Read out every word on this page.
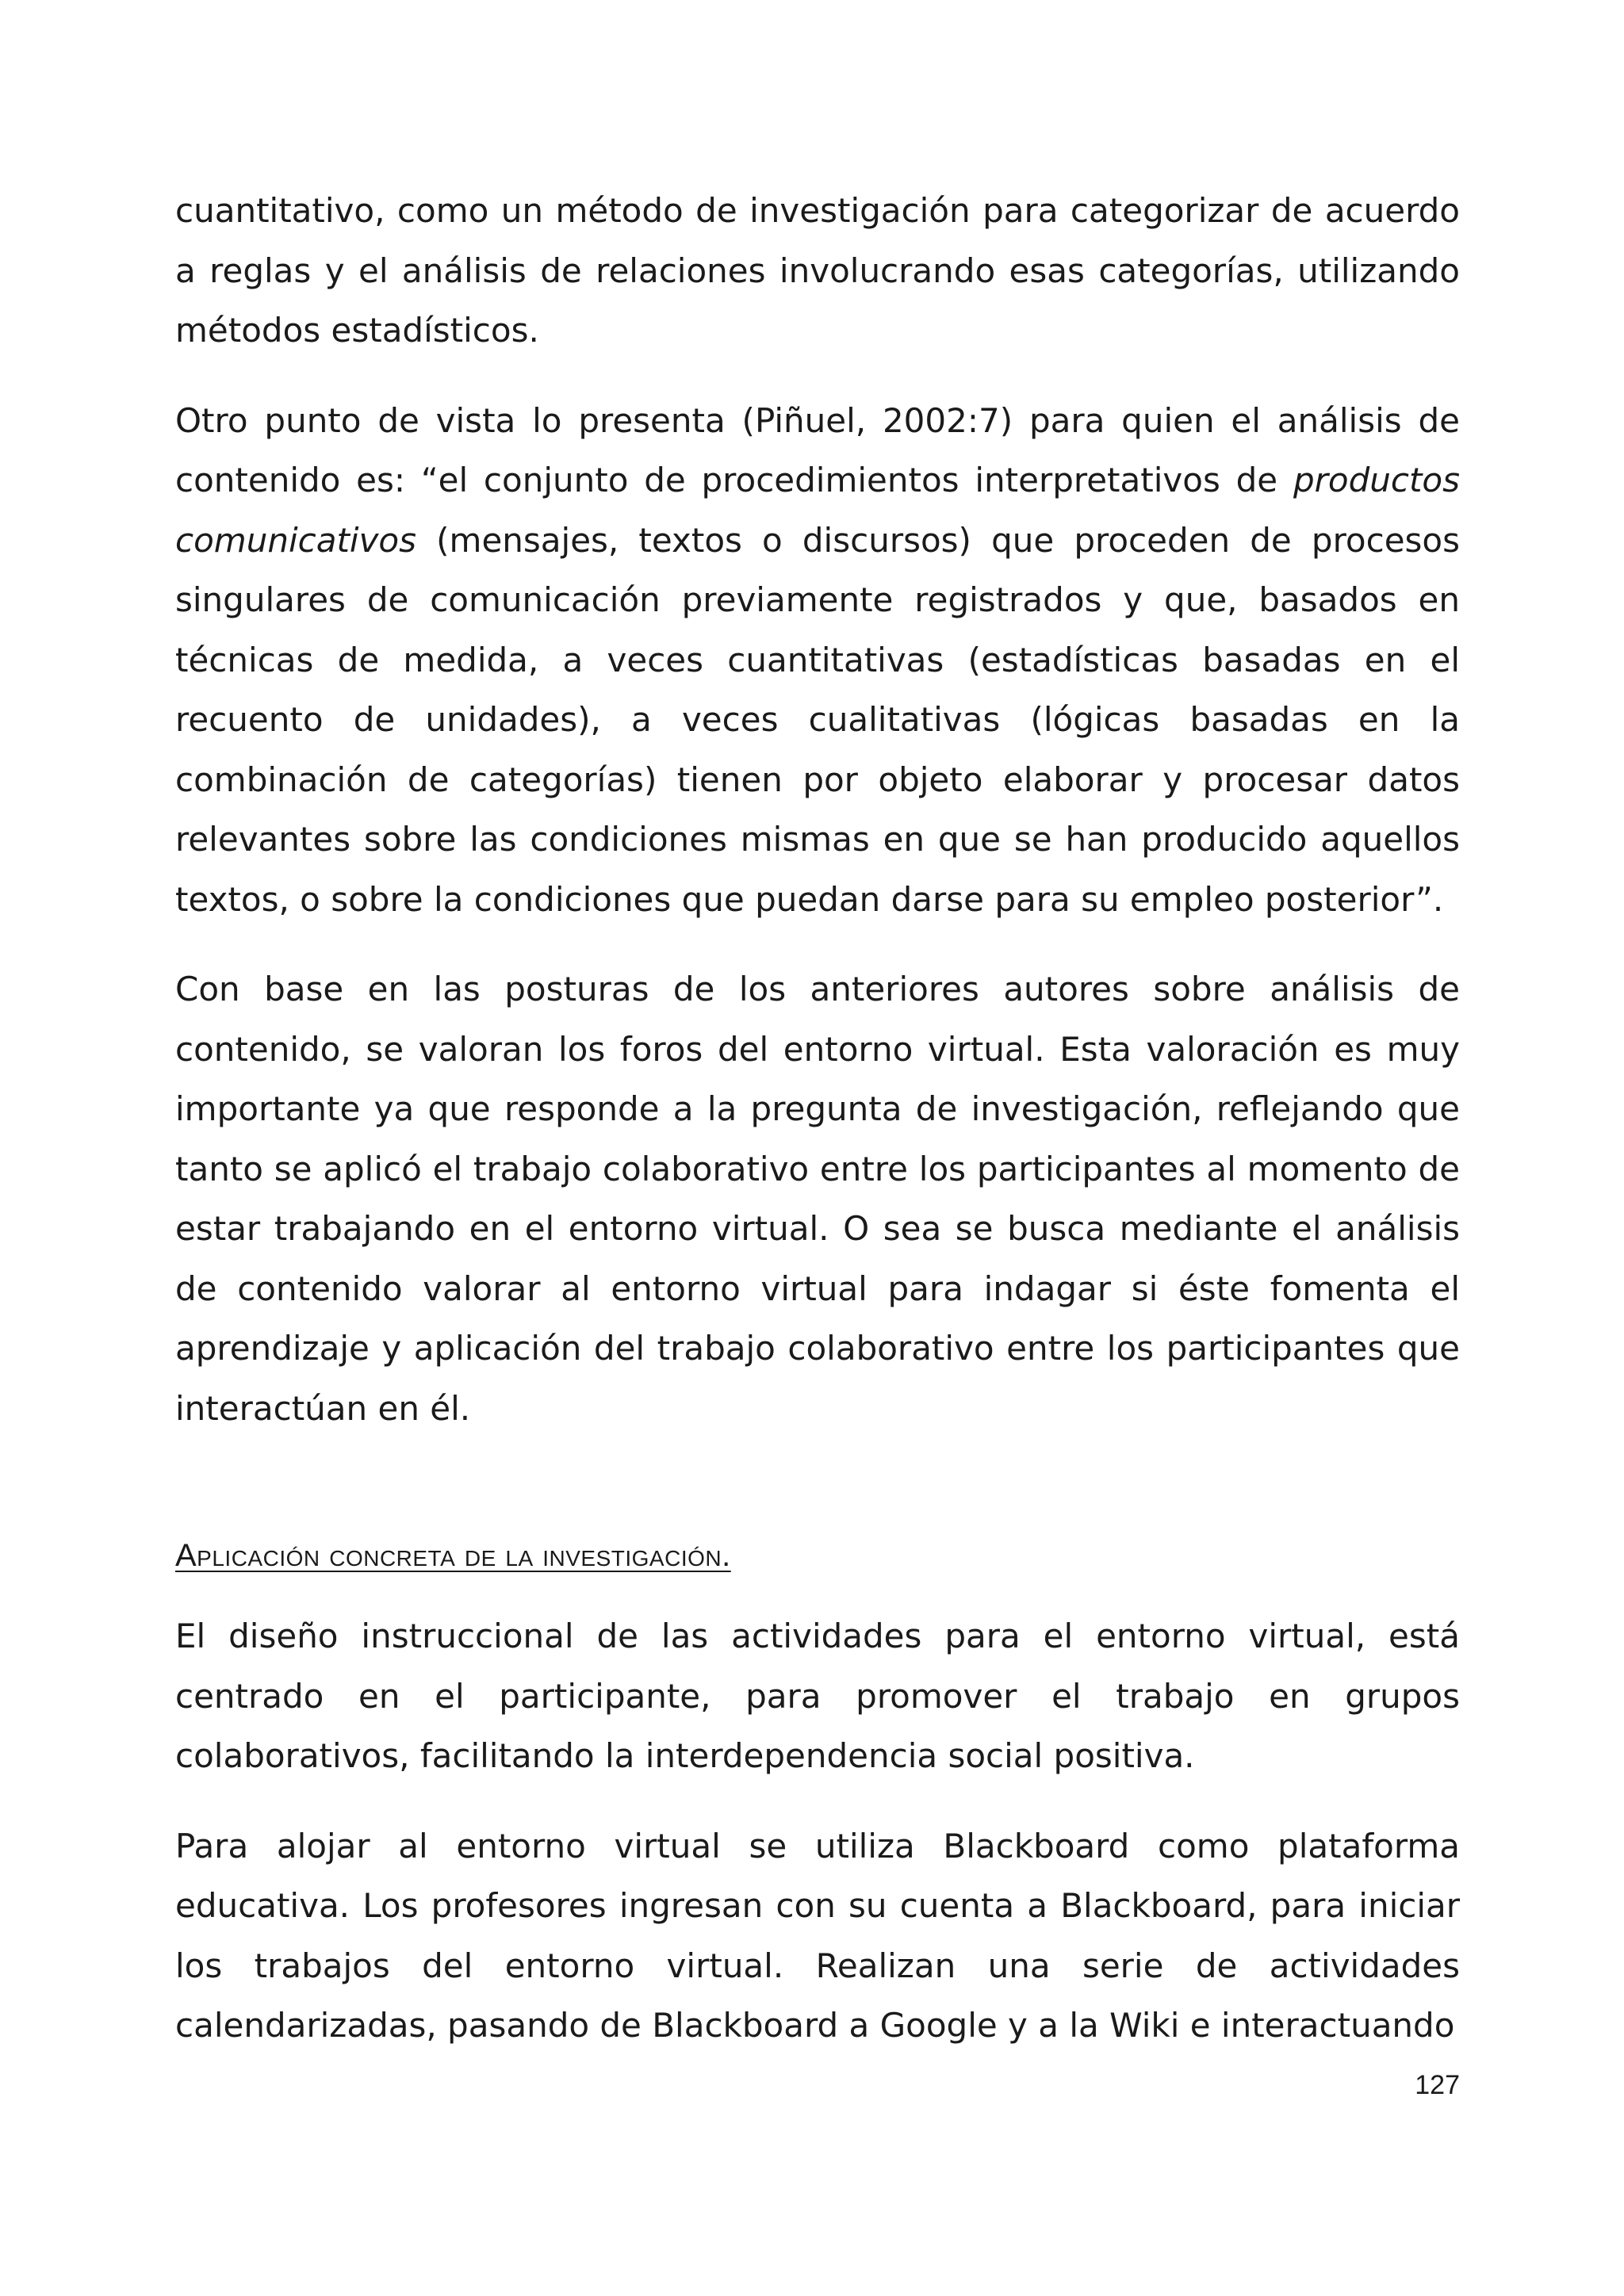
cuantitativo, como un método de investigación para categorizar de acuerdo a reglas y el análisis de relaciones involucrando esas categorías, utilizando métodos estadísticos.

Otro punto de vista lo presenta (Piñuel, 2002:7) para quien el análisis de contenido es: “el conjunto de procedimientos interpretativos de productos comunicativos (mensajes, textos o discursos) que proceden de procesos singulares de comunicación previamente registrados y que, basados en técnicas de medida, a veces cuantitativas (estadísticas basadas en el recuento de unidades), a veces cualitativas (lógicas basadas en la combinación de categorías) tienen por objeto elaborar y procesar datos relevantes sobre las condiciones mismas en que se han producido aquellos textos, o sobre la condiciones que puedan darse para su empleo posterior”.

Con base en las posturas de los anteriores autores sobre análisis de contenido, se valoran los foros del entorno virtual. Esta valoración es muy importante ya que responde a la pregunta de investigación, reflejando que tanto se aplicó el trabajo colaborativo entre los participantes al momento de estar trabajando en el entorno virtual. O sea se busca mediante el análisis de contenido valorar al entorno virtual para indagar si éste fomenta el aprendizaje y aplicación del trabajo colaborativo entre los participantes que interactúan en él.

Aplicación concreta de la investigación.

El diseño instruccional de las actividades para el entorno virtual, está centrado en el participante, para promover el trabajo en grupos colaborativos, facilitando la interdependencia social positiva.

Para alojar al entorno virtual se utiliza Blackboard como plataforma educativa. Los profesores ingresan con su cuenta a Blackboard, para iniciar los trabajos del entorno virtual. Realizan una serie de actividades calendarizadas, pasando de Blackboard a Google y a la Wiki e interactuando

127
